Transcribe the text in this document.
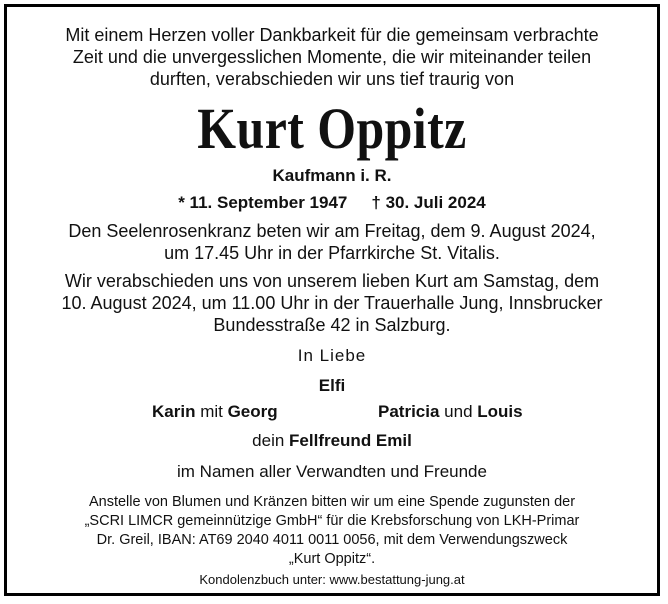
Mit einem Herzen voller Dankbarkeit für die gemeinsam verbrachte
Zeit und die unvergesslichen Momente, die wir miteinander teilen
durften, verabschieden wir uns tief traurig von
Kurt Oppitz
Kaufmann i. R.
* 11. September 1947 † 30. Juli 2024
Den Seelenrosenkranz beten wir am Freitag, dem 9. August 2024,
um 17.45 Uhr in der Pfarrkirche St. Vitalis.
Wir verabschieden uns von unserem lieben Kurt am Samstag, dem
10. August 2024, um 11.00 Uhr in der Trauerhalle Jung, Innsbrucker
Bundesstraße 42 in Salzburg.
In Liebe
Elfi
Karin mit Georg	Patricia und Louis
dein Fellfreund Emil
im Namen aller Verwandten und Freunde
Anstelle von Blumen und Kränzen bitten wir um eine Spende zugunsten der
„SCRI LIMCR gemeinnützige GmbH“ für die Krebsforschung von LKH-Primar
Dr. Greil, IBAN: AT69 2040 4011 0011 0056, mit dem Verwendungszweck
„Kurt Oppitz“.
Kondolenzbuch unter: www.bestattung-jung.at
